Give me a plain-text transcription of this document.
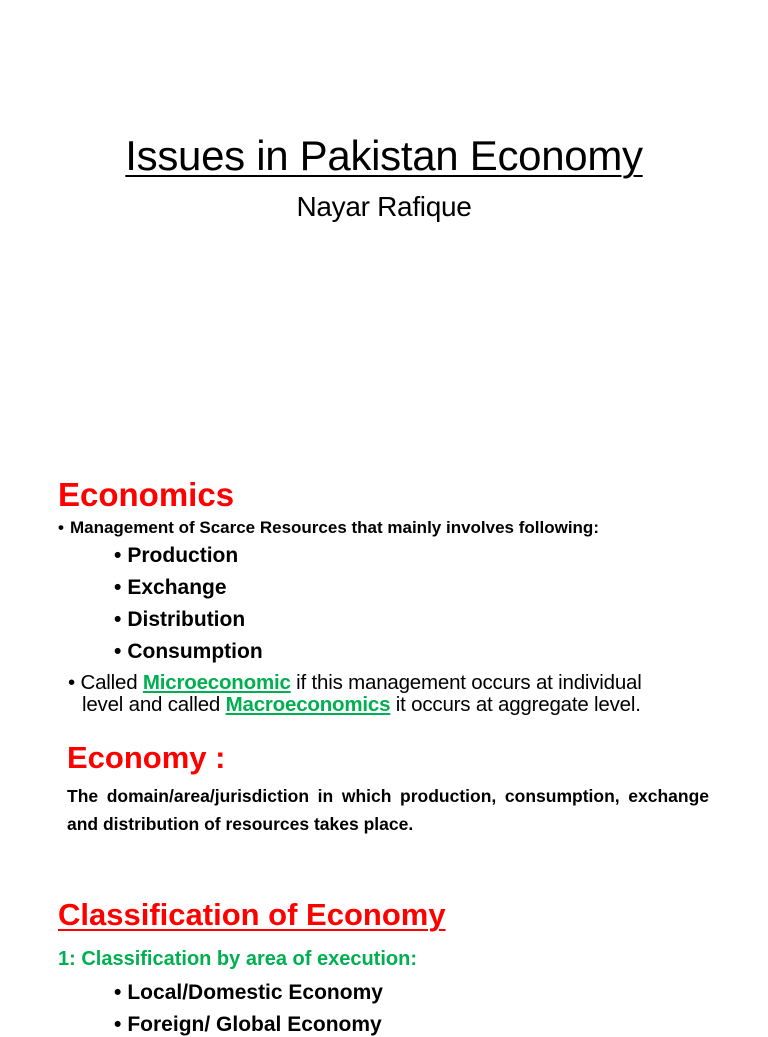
Issues in Pakistan Economy
Nayar Rafique
Economics
• Management of Scarce Resources that mainly involves following:
• Production
• Exchange
• Distribution
• Consumption
• Called Microeconomic if this management occurs at individual
level and called Macroeconomics it occurs at aggregate level.
Economy :
The domain/area/jurisdiction in which production, consumption, exchange and distribution of resources takes place.
Classification of Economy
1: Classification by area of execution:
• Local/Domestic Economy
• Foreign/ Global Economy
